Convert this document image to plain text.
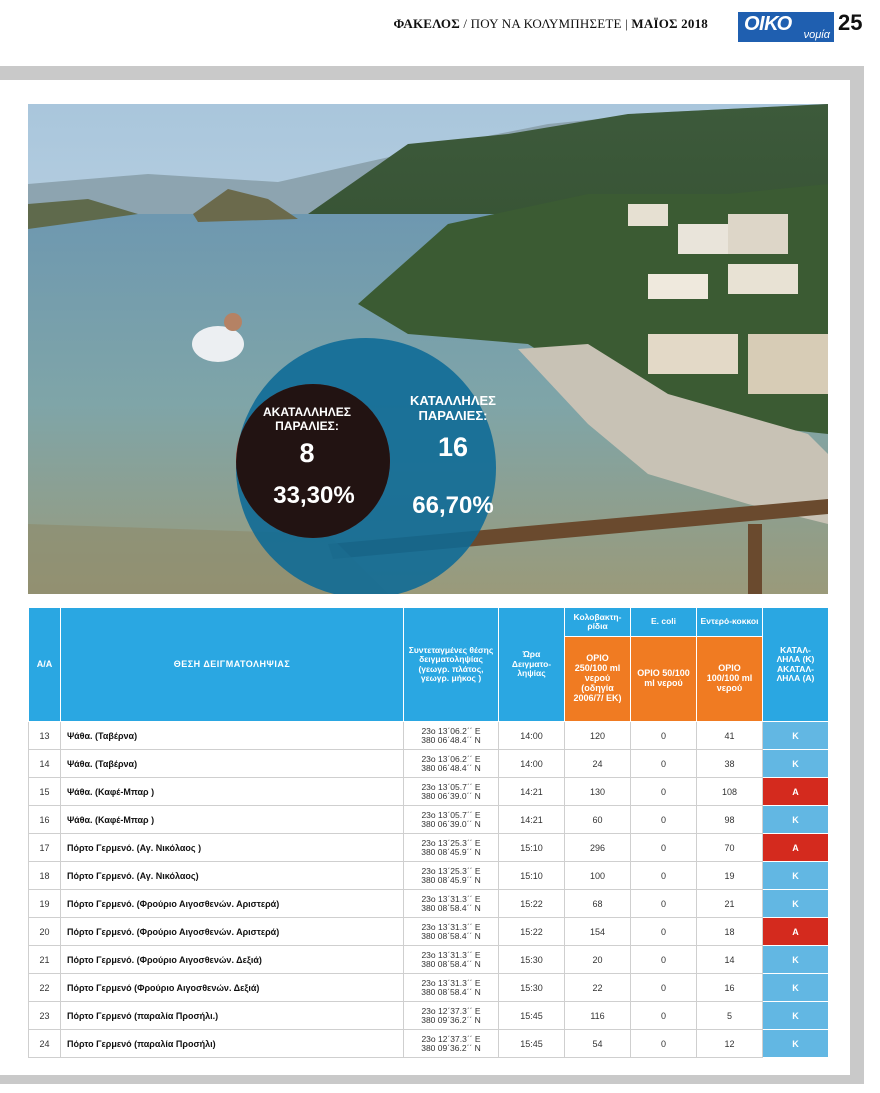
ΦΑΚΕΛΟΣ / ΠΟΥ ΝΑ ΚΟΛΥΜΠΗΣΕΤΕ | ΜΑΪΟΣ 2018 ΟΙΚΟ νομία 25
ΑΚΑΤΑΛΛΗΛΕΣ ΠΑΡΑΛΙΕΣ:
8
33,30%
ΚΑΤΑΛΛΗΛΕΣ ΠΑΡΑΛΙΕΣ:
16
66,70%
Α/Α	ΘΕΣΗ ΔΕΙΓΜΑΤΟΛΗΨΙΑΣ	Συντεταγμένες θέσης δειγματοληψίας (γεωγρ. πλάτος, γεωγρ. μήκος )	Ώρα Δειγματο-ληψίας	Κολοβακτη-ρίδια	E. coli	Εντερό-κοκκοι	ΚΑΤΑΛ-ΛΗΛΑ (Κ) ΑΚΑΤΑΛ-ΛΗΛΑ (Α)
				ΟΡΙΟ 250/100 ml νερού (οδηγία 2006/7/ ΕΚ)	ΟΡΙΟ 50/100 ml νερού	ΟΡΙΟ 100/100 ml νερού	
13	Ψάθα. (Ταβέρνα)	23o 13΄06.2΄΄ E
380 06΄48.4΄΄ N	14:00	120	0	41	Κ
14	Ψάθα. (Ταβέρνα)	23o 13΄06.2΄΄ E
380 06΄48.4΄΄ N	14:00	24	0	38	Κ
15	Ψάθα. (Καφέ-Μπαρ )	23o 13΄05.7΄΄ E
380 06΄39.0΄΄ N	14:21	130	0	108	Α
16	Ψάθα. (Καφέ-Μπαρ )	23o 13΄05.7΄΄ E
380 06΄39.0΄΄ N	14:21	60	0	98	Κ
17	Πόρτο Γερμενό. (Αγ. Νικόλαος )	23o 13΄25.3΄΄ E
380 08΄45.9΄΄ N	15:10	296	0	70	Α
18	Πόρτο Γερμενό. (Αγ. Νικόλαος)	23o 13΄25.3΄΄ E
380 08΄45.9΄΄ N	15:10	100	0	19	Κ
19	Πόρτο Γερμενό. (Φρούριο Αιγοσθενών. Αριστερά)	23o 13΄31.3΄΄ E
380 08΄58.4΄΄ N	15:22	68	0	21	Κ
20	Πόρτο Γερμενό. (Φρούριο Αιγοσθενών. Αριστερά)	23o 13΄31.3΄΄ E
380 08΄58.4΄΄ N	15:22	154	0	18	Α
21	Πόρτο Γερμενό. (Φρούριο Αιγοσθενών. Δεξιά)	23o 13΄31.3΄΄ E
380 08΄58.4΄΄ N	15:30	20	0	14	Κ
22	Πόρτο Γερμενό (Φρούριο Αιγοσθενών. Δεξιά)	23o 13΄31.3΄΄ E
380 08΄58.4΄΄ N	15:30	22	0	16	Κ
23	Πόρτο Γερμενό (παραλία Προσήλι.)	23o 12΄37.3΄΄ E
380 09΄36.2΄΄ N	15:45	116	0	5	Κ
24	Πόρτο Γερμενό (παραλία Προσήλι)	23o 12΄37.3΄΄ E
380 09΄36.2΄΄ N	15:45	54	0	12	Κ
